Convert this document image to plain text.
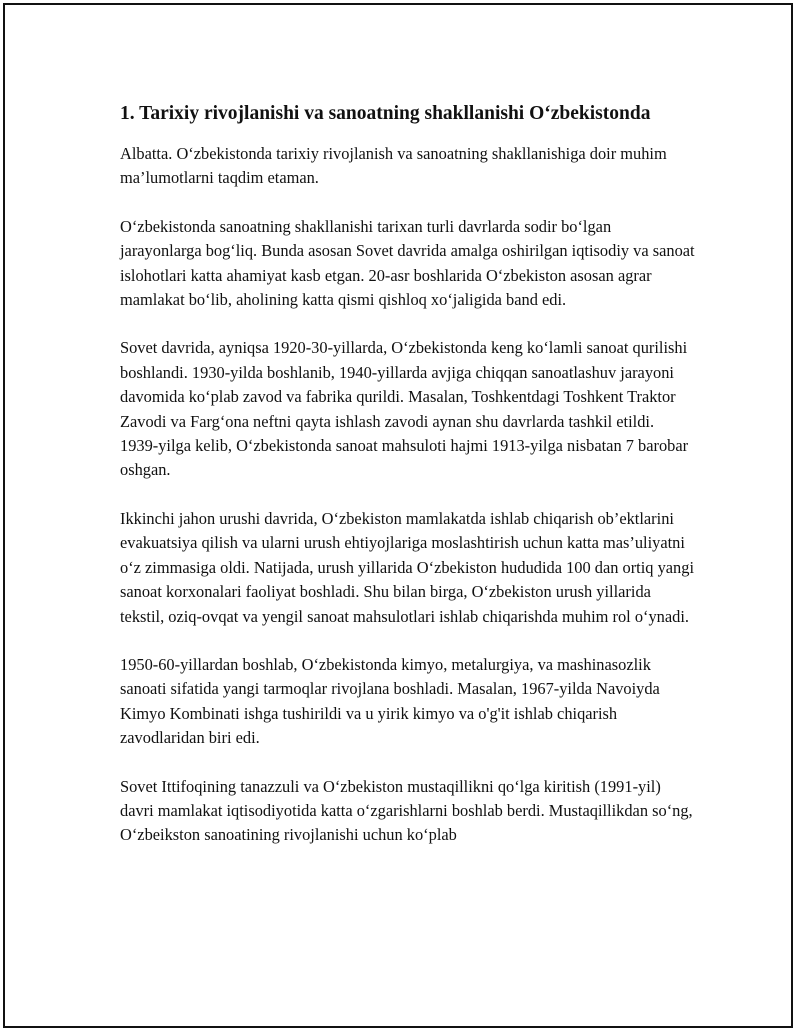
1. Tarixiy rivojlanishi va sanoatning shakllanishi O‘zbekistonda

Albatta. O‘zbekistonda tarixiy rivojlanish va sanoatning shakllanishiga doir muhim ma’lumotlarni taqdim etaman.

O‘zbekistonda sanoatning shakllanishi tarixan turli davrlarda sodir bo‘lgan jarayonlarga bog‘liq. Bunda asosan Sovet davrida amalga oshirilgan iqtisodiy va sanoat islohotlari katta ahamiyat kasb etgan. 20-asr boshlarida O‘zbekiston asosan agrar mamlakat bo‘lib, aholining katta qismi qishloq xo‘jaligida band edi.

Sovet davrida, ayniqsa 1920-30-yillarda, O‘zbekistonda keng ko‘lamli sanoat qurilishi boshlandi. 1930-yilda boshlanib, 1940-yillarda avjiga chiqqan sanoatlashuv jarayoni davomida ko‘plab zavod va fabrika qurildi. Masalan, Toshkentdagi Toshkent Traktor Zavodi va Farg‘ona neftni qayta ishlash zavodi aynan shu davrlarda tashkil etildi. 1939-yilga kelib, O‘zbekistonda sanoat mahsuloti hajmi 1913-yilga nisbatan 7 barobar oshgan.

Ikkinchi jahon urushi davrida, O‘zbekiston mamlakatda ishlab chiqarish ob’ektlarini evakuatsiya qilish va ularni urush ehtiyojlariga moslashtirish uchun katta mas’uliyatni o‘z zimmasiga oldi. Natijada, urush yillarida O‘zbekiston hududida 100 dan ortiq yangi sanoat korxonalari faoliyat boshladi. Shu bilan birga, O‘zbekiston urush yillarida tekstil, oziq-ovqat va yengil sanoat mahsulotlari ishlab chiqarishda muhim rol o‘ynadi.

1950-60-yillardan boshlab, O‘zbekistonda kimyo, metalurgiya, va mashinasozlik sanoati sifatida yangi tarmoqlar rivojlana boshladi. Masalan, 1967-yilda Navoiyda Kimyo Kombinati ishga tushirildi va u yirik kimyo va o'g'it ishlab chiqarish zavodlaridan biri edi.

Sovet Ittifoqining tanazzuli va O‘zbekiston mustaqillikni qo‘lga kiritish (1991-yil) davri mamlakat iqtisodiyotida katta o‘zgarishlarni boshlab berdi. Mustaqillikdan so‘ng, O‘zbeikston sanoatining rivojlanishi uchun ko‘plab
